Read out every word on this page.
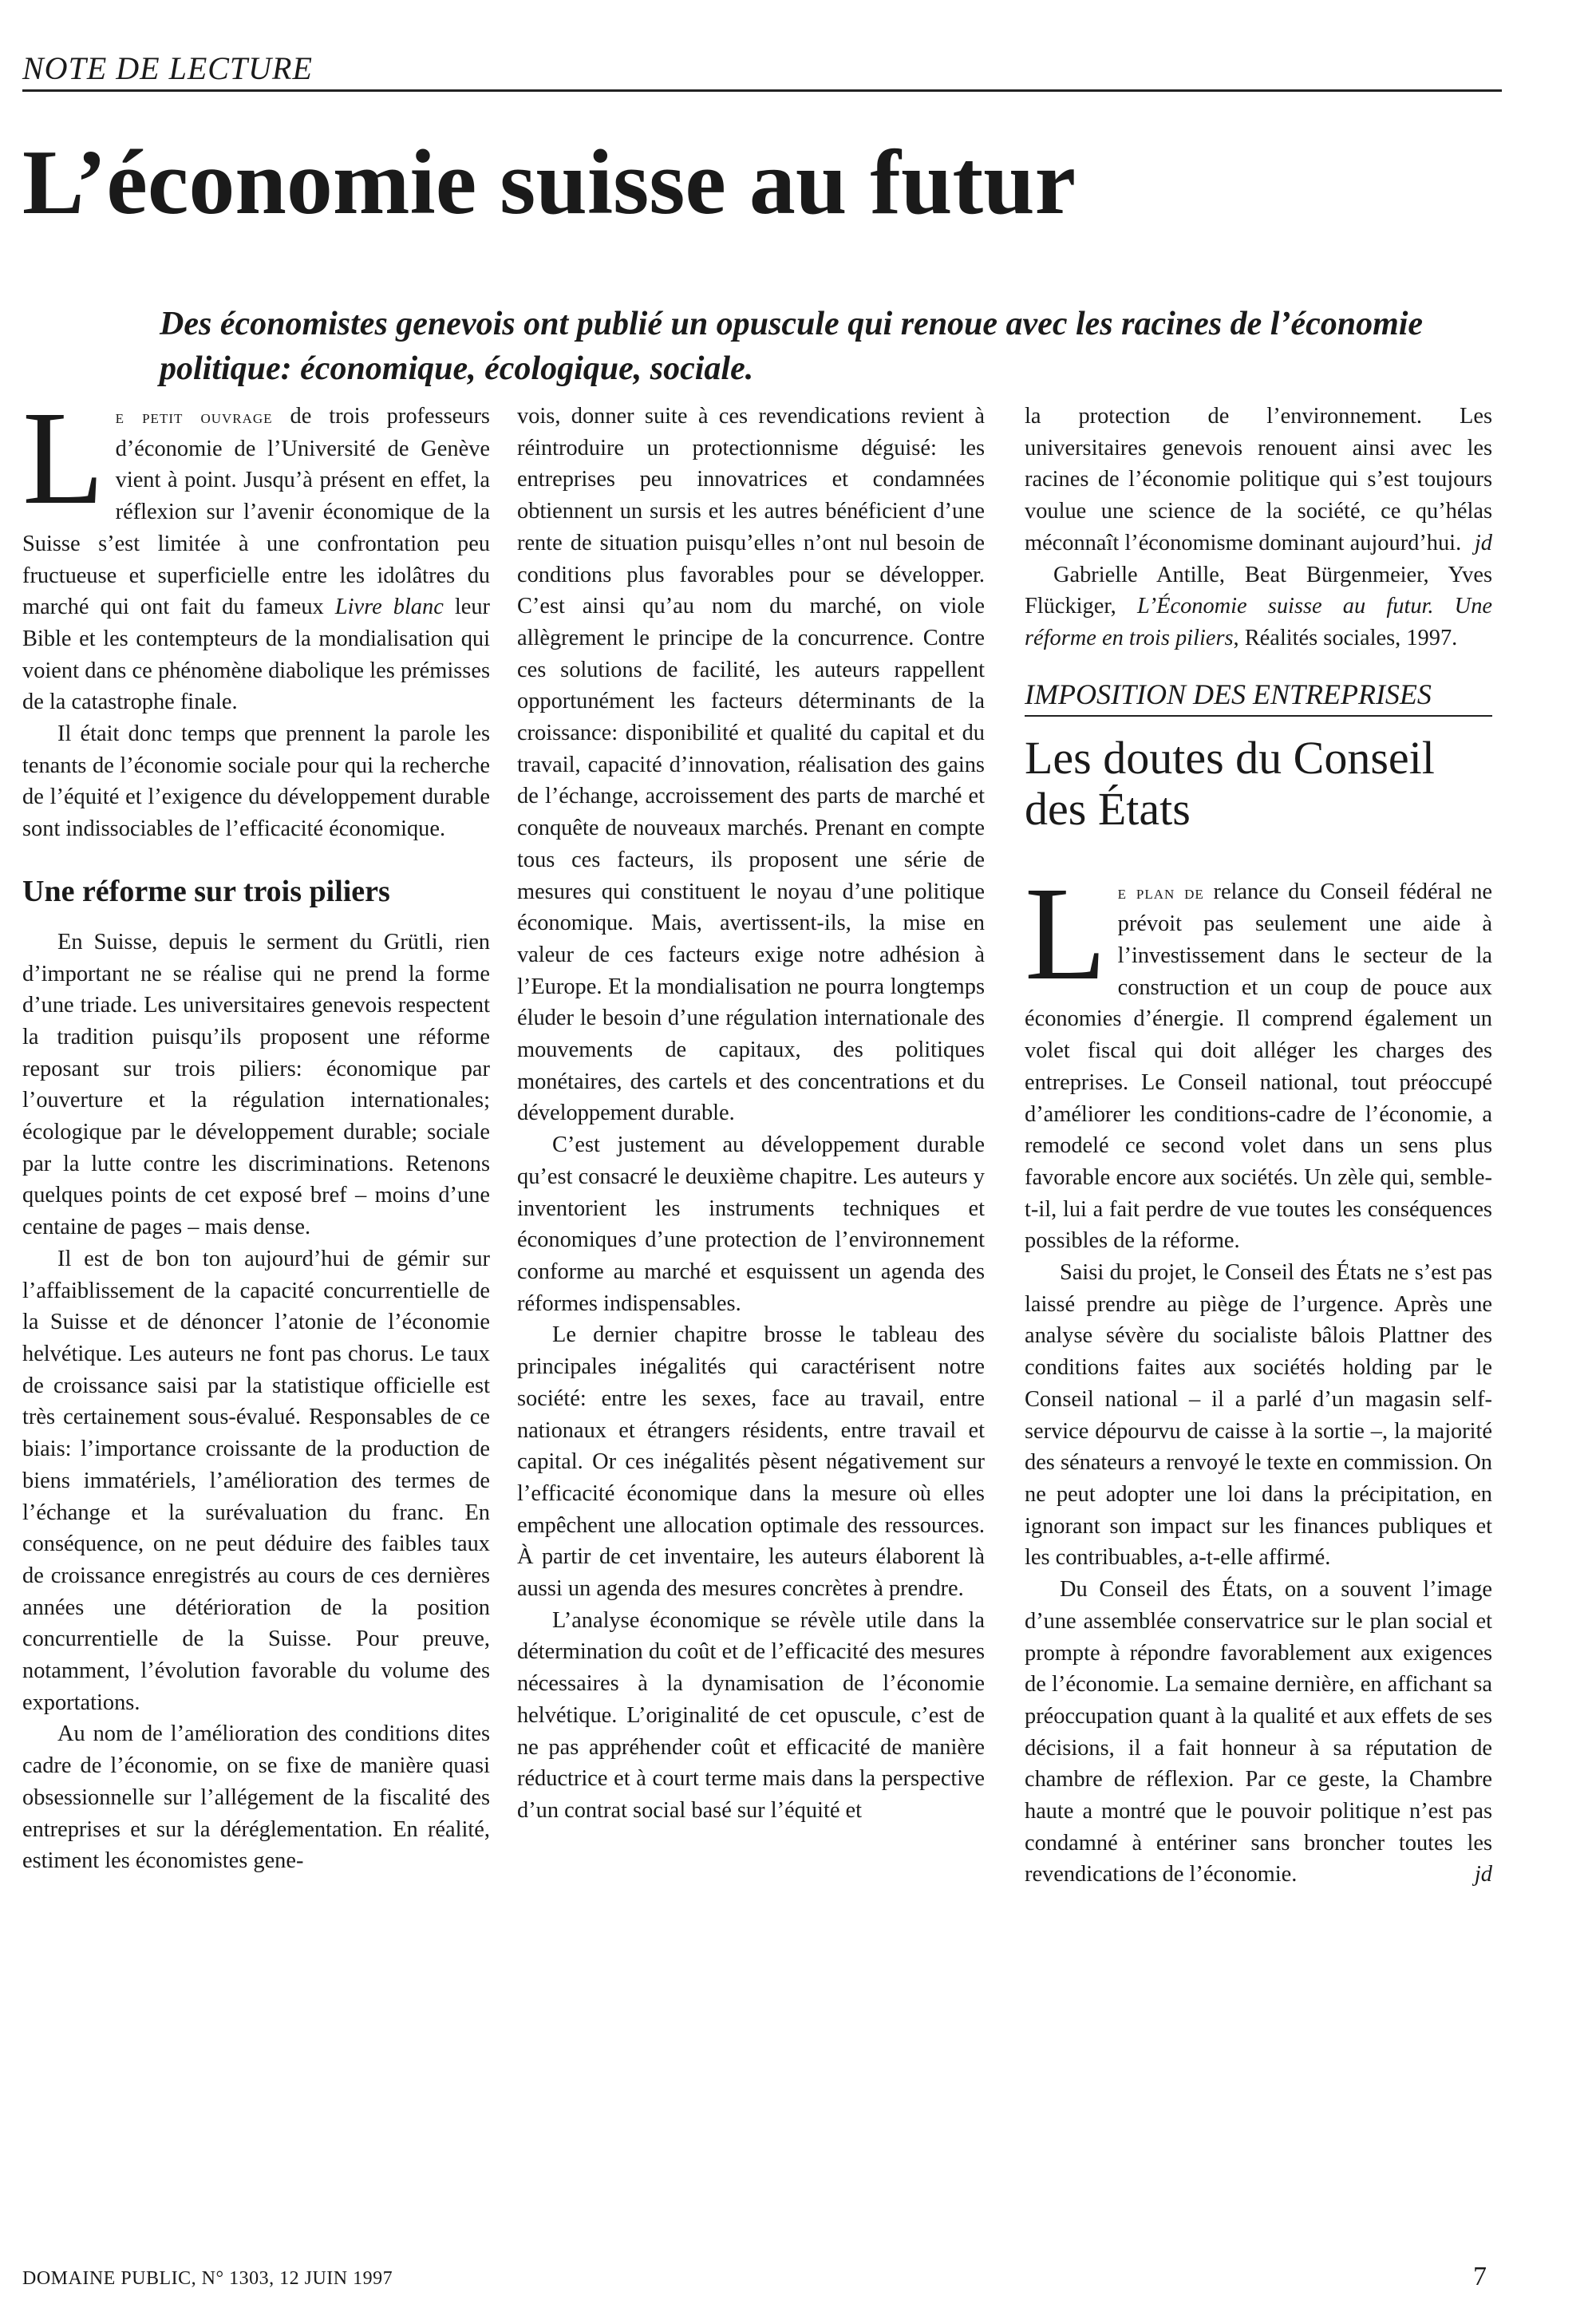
NOTE DE LECTURE
L’économie suisse au futur

Des économistes genevois ont publié un opuscule qui renoue avec les racines de l’économie politique: économique, écologique, sociale.

Le petit ouvrage de trois professeurs d’économie de l’Université de Genève vient à point. Jusqu’à présent en effet, la réflexion sur l’avenir économique de la Suisse s’est limitée à une confrontation peu fructueuse et superficielle entre les idolâtres du marché qui ont fait du fameux Livre blanc leur Bible et les contempteurs de la mondialisation qui voient dans ce phénomène diabolique les prémisses de la catastrophe finale.

Il était donc temps que prennent la parole les tenants de l’économie sociale pour qui la recherche de l’équité et l’exigence du développement durable sont indissociables de l’efficacité économique.

Une réforme sur trois piliers

En Suisse, depuis le serment du Grütli, rien d’important ne se réalise qui ne prend la forme d’une triade. Les universitaires genevois respectent la tradition puisqu’ils proposent une réforme reposant sur trois piliers: économique par l’ouverture et la régulation internationales; écologique par le développement durable; sociale par la lutte contre les discriminations. Retenons quelques points de cet exposé bref – moins d’une centaine de pages – mais dense.

Il est de bon ton aujourd’hui de gémir sur l’affaiblissement de la capacité concurrentielle de la Suisse et de dénoncer l’atonie de l’économie helvétique. Les auteurs ne font pas chorus. Le taux de croissance saisi par la statistique officielle est très certainement sous-évalué. Responsables de ce biais: l’importance croissante de la production de biens immatériels, l’amélioration des termes de l’échange et la surévaluation du franc. En conséquence, on ne peut déduire des faibles taux de croissance enregistrés au cours de ces dernières années une détérioration de la position concurrentielle de la Suisse. Pour preuve, notamment, l’évolution favorable du volume des exportations.

Au nom de l’amélioration des conditions dites cadre de l’économie, on se fixe de manière quasi obsessionnelle sur l’allégement de la fiscalité des entreprises et sur la déréglementation. En réalité, estiment les économistes gene-

vois, donner suite à ces revendications revient à réintroduire un protectionnisme déguisé: les entreprises peu innovatrices et condamnées obtiennent un sursis et les autres bénéficient d’une rente de situation puisqu’elles n’ont nul besoin de conditions plus favorables pour se développer. C’est ainsi qu’au nom du marché, on viole allègrement le principe de la concurrence. Contre ces solutions de facilité, les auteurs rappellent opportunément les facteurs déterminants de la croissance: disponibilité et qualité du capital et du travail, capacité d’innovation, réalisation des gains de l’échange, accroissement des parts de marché et conquête de nouveaux marchés. Prenant en compte tous ces facteurs, ils proposent une série de mesures qui constituent le noyau d’une politique économique. Mais, avertissent-ils, la mise en valeur de ces facteurs exige notre adhésion à l’Europe. Et la mondialisation ne pourra longtemps éluder le besoin d’une régulation internationale des mouvements de capitaux, des politiques monétaires, des cartels et des concentrations et du développement durable.

C’est justement au développement durable qu’est consacré le deuxième chapitre. Les auteurs y inventorient les instruments techniques et économiques d’une protection de l’environnement conforme au marché et esquissent un agenda des réformes indispensables.

Le dernier chapitre brosse le tableau des principales inégalités qui caractérisent notre société: entre les sexes, face au travail, entre nationaux et étrangers résidents, entre travail et capital. Or ces inégalités pèsent négativement sur l’efficacité économique dans la mesure où elles empêchent une allocation optimale des ressources. À partir de cet inventaire, les auteurs élaborent là aussi un agenda des mesures concrètes à prendre.

L’analyse économique se révèle utile dans la détermination du coût et de l’efficacité des mesures nécessaires à la dynamisation de l’économie helvétique. L’originalité de cet opuscule, c’est de ne pas appréhender coût et efficacité de manière réductrice et à court terme mais dans la perspective d’un contrat social basé sur l’équité et

la protection de l’environnement. Les universitaires genevois renouent ainsi avec les racines de l’économie politique qui s’est toujours voulue une science de la société, ce qu’hélas méconnaît l’économisme dominant aujourd’hui. jd

Gabrielle Antille, Beat Bürgenmeier, Yves Flückiger, L’Économie suisse au futur. Une réforme en trois piliers, Réalités sociales, 1997.

IMPOSITION DES ENTREPRISES
Les doutes du Conseil des États

Le plan de relance du Conseil fédéral ne prévoit pas seulement une aide à l’investissement dans le secteur de la construction et un coup de pouce aux économies d’énergie. Il comprend également un volet fiscal qui doit alléger les charges des entreprises. Le Conseil national, tout préoccupé d’améliorer les conditions-cadre de l’économie, a remodelé ce second volet dans un sens plus favorable encore aux sociétés. Un zèle qui, semble-t-il, lui a fait perdre de vue toutes les conséquences possibles de la réforme.

Saisi du projet, le Conseil des États ne s’est pas laissé prendre au piège de l’urgence. Après une analyse sévère du socialiste bâlois Plattner des conditions faites aux sociétés holding par le Conseil national – il a parlé d’un magasin self-service dépourvu de caisse à la sortie –, la majorité des sénateurs a renvoyé le texte en commission. On ne peut adopter une loi dans la précipitation, en ignorant son impact sur les finances publiques et les contribuables, a-t-elle affirmé.

Du Conseil des États, on a souvent l’image d’une assemblée conservatrice sur le plan social et prompte à répondre favorablement aux exigences de l’économie. La semaine dernière, en affichant sa préoccupation quant à la qualité et aux effets de ses décisions, il a fait honneur à sa réputation de chambre de réflexion. Par ce geste, la Chambre haute a montré que le pouvoir politique n’est pas condamné à entériner sans broncher toutes les revendications de l’économie.	jd

DOMAINE PUBLIC, N° 1303, 12 JUIN 1997	7
